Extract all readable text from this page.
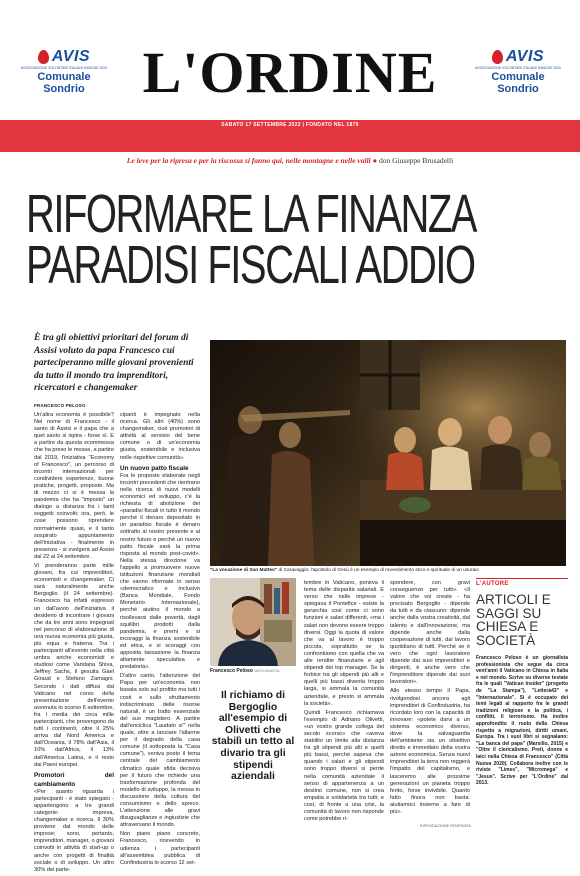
AVIS
ASSOCIAZIONE VOLONTARI ITALIANI SANGUE ODV
Comunale
Sondrio L'ORDINE	AVIS
ASSOCIAZIONE VOLONTARI ITALIANI SANGUE ODV
Comunale
Sondrio
SABATO 17 SETTEMBRE 2022 | FONDATO NEL 1879
Le leve per la ripresa e per la riscossa si fanno qui, nelle montagne e nelle valli ● don Giuseppe Brusadelli
RIFORMARE LA FINANZA
PARADISI FISCALI ADDIO
È tra gli obiettivi prioritari del forum di Assisi voluto da papa Francesco cui parteciperanno mille giovani provenienti da tutto il mondo tra imprenditori, ricercatori e changemaker
FRANCESCO PELOSO
"La vocazione di San Matteo" di Caravaggio: l'apostolo di Gesù è un esempio di ravvedimento etico e spirituale di un usuraio

Un'altra economia è possibile? Nel nome di Francesco - il santo di Assisi e il papa che a quel santo si ispira - forse sì. E a partire da questa scommessa che ha preso le mosse, a partire dal 2019, l'iniziativa "Economy of Francesco", un percorso di incontri internazionali per condividere esperienze, buone pratiche, progetti, proposte. Ma di mezzo ci si è messa la pandemia che ha "imposto" un dialogo a distanza fra i tanti soggetti coinvolti; ora, però, le cose possono riprendere normalmente quasi, e il tanto sospirato appuntamento dell'iniziativa - finalmente in presenza - si svolgerà ad Assisi dal 22 al 24 settembre.

Vi prenderanno parte mille giovani, fra cui imprenditori, economisti e changemaker. Ci sarà naturalmente anche Bergoglio (il 24 settembre). Francesco ha infatti espresso un dall'avvio dell'iniziativa il desiderio di incontrare i giovani che da tre anni sono impegnati nel percorso di elaborazione di una nuova economia più giusta, più equa e fraterna. Tra i partecipanti all'evento nella città umbra anche economisti e studiosi come Vandana Shiva, Jeffrey Sachs, il gesuita Gael Giraud e Stefano Zamagni. Secondo i dati diffusi dal Vaticano nel corso della presentazione dell'evento avvenuta lo scorso 6 settembre, fra i media dei circa mille partecipanti, che provengono da tutti i continenti, oltre il 25% arriva dal Nord America e dall'Oceania, il 78% dall'Asia, il 10% dall'Africa, il 13% dall'America Latina, e il resto dai Paesi europei.

Promotori del cambiamento

«Per quanto riguarda i partecipanti - è stato spiegato - appartengono a tre grandi categorie: impresa, changemaker e ricerca. Il 30% proviene dal mondo delle imprese; sono, pertanto, imprenditori, manager, o giovani coinvolti in attività di start-up o anche con progetti di finalità sociale o di sviluppo. Un altro 30% dei parte-

cipanti è impegnato nella ricerca. Gli altri (40%) sono changemaker, cioè promotori di attività al servizio del bene comune o di un'economia giusta, sostenibile e inclusiva nelle rispettive comunità».

Un nuovo patto fiscale

Fra le proposte elaborate negli incontri precedenti che rientrano nella ricerca di nuovi modelli economici ed sviluppo, c'è la richiesta di abolizione dei «paradisi fiscali in tutto il mondo perché il denaro depositato in un paradiso fiscale è denaro sottratto al nostro presente e al nostro futuro e perché un nuovo patto fiscale sarà la prima risposta al mondo post-covid». Nella stessa direzione va l'appello a promuovere nuove istituzioni finanziarie mondiali che vanno riformate in senso «democratico e inclusivo (Banca Mondiale, Fondo Monetario Internazionale), perché aiutino il mondo a risollevarsi dalle povertà, dagli squilibri prodotti dalla pandemia, e premi e si incoraggi la finanza sostenibile ed etica, e si scoraggi con apposita tassazione la finanza altamente speculativa e predatoria».

D'altro canto, l'attenzione del Papa per un'economia non basata solo sul profitto ma tutti i costi e sullo sfruttamento indiscriminato delle risorse naturali, è un tratto essenziale del suo magistero. A partire dall'enciclica "Laudato si'" nella quale, oltre a lanciare l'allarme per il degrado della casa comune (il sottoposta la "Casa comune"), veniva posto il tema centrale del cambiamento climatico quale sfida decisiva per il futuro che richiede una trasformazione profonda del modello di sviluppo, la messa in discussione della cultura del consumismo e dello spreco. L'attenzione alle gravi disuguaglianze e ingiustizie che attraversano il mondo.

Non piano piano concreto, Francesco, ricevendo in udienza i partecipanti all'assemblea pubblica di Confindustria lo scorso 12 set-

Francesco Peloso VATICANISTA
Il richiamo di Bergoglio all'esempio di Olivetti che stabilì un tetto al divario tra gli stipendi aziendali

tembre in Vaticano, poneva il tema delle disparità salariali. E verso che nelle imprese - spiegava il Pontefice - esiste la gerarchia così come ci sono funzioni e salari differenti, «ma i salari non devono essere troppo diversi. Oggi la quota di valore che va al lavoro è troppo piccola, soprattutto se la confrontiamo con quella che va alle rendite finanziarie e agli stipendi dei top manager. Se la forbice tra gli stipendi più alti e quelli più bassi diventa troppo larga, si ammala la comunità aziendale, e presto si ammala la società».

Quindi Francesco richiamava l'esempio di Adriano Olivetti, «un vostro grande collega del secolo scorso» che «aveva stabilito un limite alla distanza tra gli stipendi più alti e quelli più bassi, perché sapeva che quando i salari e gli stipendi sono troppo diversi si perde nella comunità aziendale il senso di appartenenza a un destino comune, non si crea empatia e solidarietà tra tutti; e così, di fronte a una crisi, la comunità di lavoro non risponde come potrebbe ri-

spondere, con gravi conseguenze per tutti». «Il valore che voi create - ha precisato Bergoglio - dipende da tutti e da ciascuno: dipende anche dalla vostra creatività, dal talento e dall'innovazione, ma dipende anche dalla cooperazione di tutti, dal lavoro quotidiano di tutti. Perché se è vero che ogni lavoratore dipende dai suoi imprenditori e dirigenti, è anche vero che l'imprenditore dipende dai suoi lavoratori».

Allo stesso tempo il Papa, rivolgendosi ancora agli imprenditori di Confindustria, ha ricordato loro con la capacità di innovare: «potete darvi a un sistema economico diverso, dove la salvaguardia dell'ambiente sia un obiettivo diretto e immediato della vostra azione economica. Senza nuovi imprenditori la terra non reggerà l'impatto del capitalismo, e lasceremo alle prossime generazioni un pianeta troppo ferito, forse invivibile. Quanto fatto finora non basta: aiutiamoci insieme a fare di più».

RIPRODUZIONE RISERVATA
L'AUTORE
ARTICOLI E SAGGI SU CHIESA E SOCIETÀ
Francesco Peloso è un giornalista professionista che segue da circa vent'anni il Vaticano in Chiesa in Italia e nel mondo. Scrive su diverse testate fra le quali "Vatican Insider" (progetto de "La Stampa"), "Letterà43" e "Internazionale". Si è occupato dei temi legati al rapporto fra le grandi tradizioni religiose e la politica, i conflitti, il terrorismo. Ha inoltre approfondito il ruolo della Chiesa rispetto a migrazioni, diritti umani, Europa. Tra i suoi libri si segnalano: "La banca del papa" (Marsilio, 2015) e "Oltre il clericalismo. Preti, donne e laici nella Chiesa di Francesco" (Città Nuova 2020). Collabora inoltre con le riviste "Limes", "Micromega" e "Jesus". Scrive per "L'Ordine" dal 2013.
